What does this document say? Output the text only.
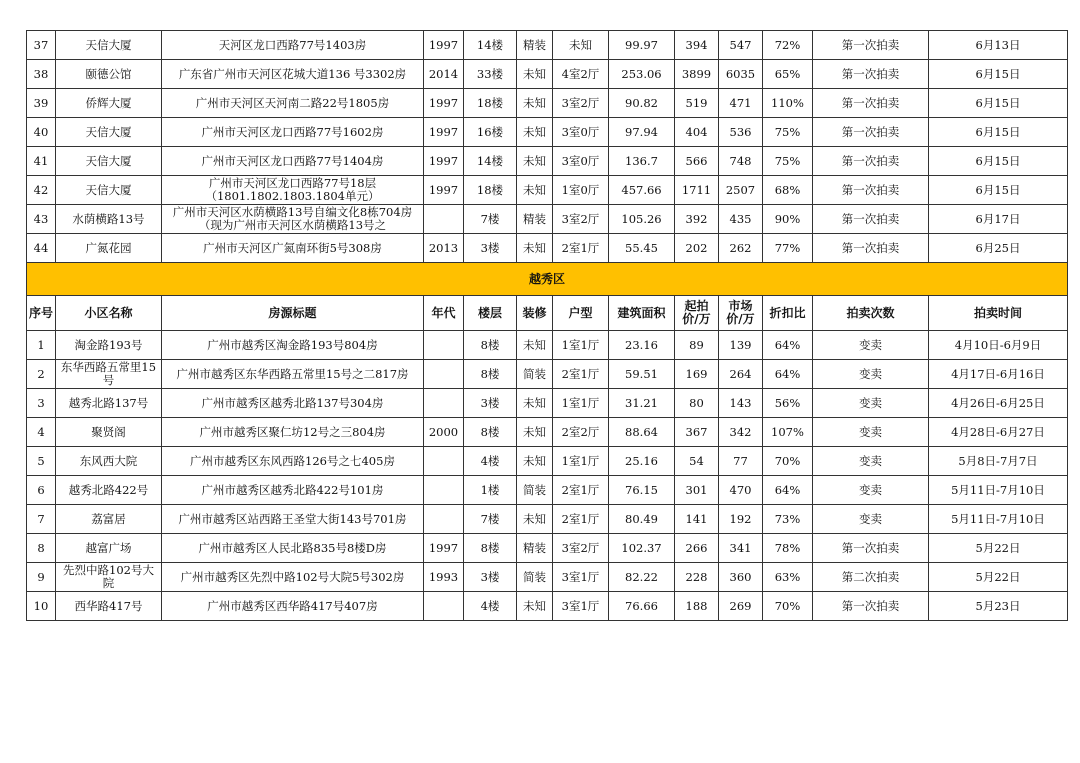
37	天信大厦	天河区龙口西路77号1403房	1997	14楼	精装	未知	99.97	394	547	72%	第一次拍卖	6月13日
38	颐德公馆	广东省广州市天河区花城大道136 号3302房	2014	33楼	未知	4室2厅	253.06	3899	6035	65%	第一次拍卖	6月15日
39	侨辉大厦	广州市天河区天河南二路22号1805房	1997	18楼	未知	3室2厅	90.82	519	471	110%	第一次拍卖	6月15日
40	天信大厦	广州市天河区龙口西路77号1602房	1997	16楼	未知	3室0厅	97.94	404	536	75%	第一次拍卖	6月15日
41	天信大厦	广州市天河区龙口西路77号1404房	1997	14楼	未知	3室0厅	136.7	566	748	75%	第一次拍卖	6月15日
42	天信大厦	广州市天河区龙口西路77号18层（1801.1802.1803.1804单元）	1997	18楼	未知	1室0厅	457.66	1711	2507	68%	第一次拍卖	6月15日
43	水荫横路13号	广州市天河区水荫横路13号自编文化8栋704房（现为广州市天河区水荫横路13号之		7楼	精装	3室2厅	105.26	392	435	90%	第一次拍卖	6月17日
44	广氮花园	广州市天河区广氮南环街5号308房	2013	3楼	未知	2室1厅	55.45	202	262	77%	第一次拍卖	6月25日
越秀区												
序号	小区名称	房源标题	年代	楼层	装修	户型	建筑面积	起拍价/万	市场价/万	折扣比	拍卖次数	拍卖时间
1	淘金路193号	广州市越秀区淘金路193号804房		8楼	未知	1室1厅	23.16	89	139	64%	变卖	4月10日-6月9日
2	东华西路五常里15号	广州市越秀区东华西路五常里15号之二817房		8楼	简装	2室1厅	59.51	169	264	64%	变卖	4月17日-6月16日
3	越秀北路137号	广州市越秀区越秀北路137号304房		3楼	未知	1室1厅	31.21	80	143	56%	变卖	4月26日-6月25日
4	聚贤阁	广州市越秀区聚仁坊12号之三804房	2000	8楼	未知	2室2厅	88.64	367	342	107%	变卖	4月28日-6月27日
5	东风西大院	广州市越秀区东风西路126号之七405房		4楼	未知	1室1厅	25.16	54	77	70%	变卖	5月8日-7月7日
6	越秀北路422号	广州市越秀区越秀北路422号101房		1楼	简装	2室1厅	76.15	301	470	64%	变卖	5月11日-7月10日
7	荔富居	广州市越秀区站西路王圣堂大街143号701房		7楼	未知	2室1厅	80.49	141	192	73%	变卖	5月11日-7月10日
8	越富广场	广州市越秀区人民北路835号8楼D房	1997	8楼	精装	3室2厅	102.37	266	341	78%	第一次拍卖	5月22日
9	先烈中路102号大院	广州市越秀区先烈中路102号大院5号302房	1993	3楼	简装	3室1厅	82.22	228	360	63%	第二次拍卖	5月22日
10	西华路417号	广州市越秀区西华路417号407房		4楼	未知	3室1厅	76.66	188	269	70%	第一次拍卖	5月23日
